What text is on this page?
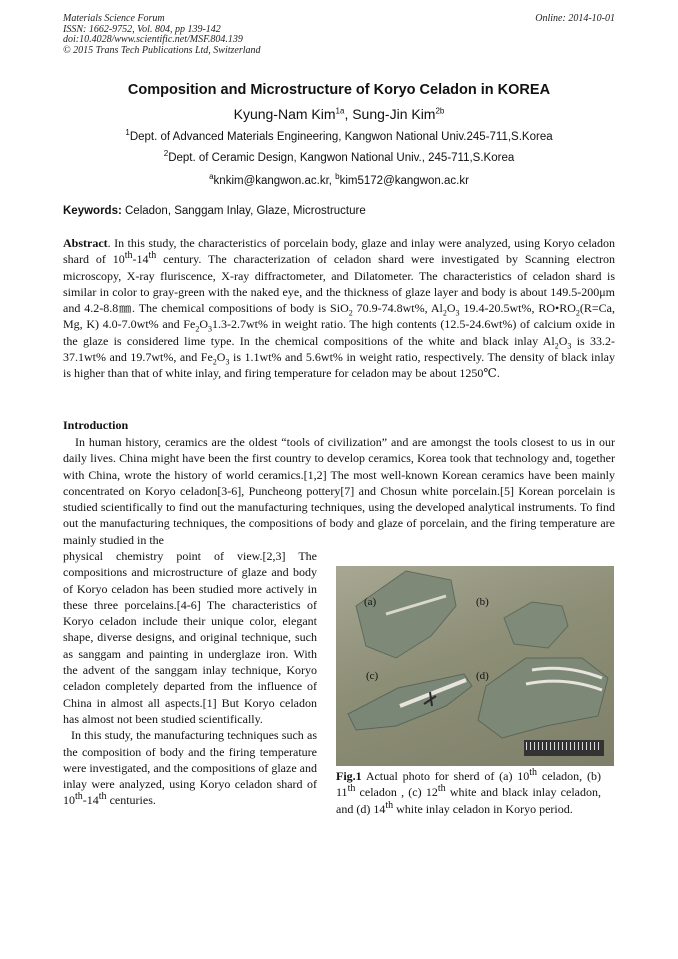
Materials Science Forum
ISSN: 1662-9752, Vol. 804, pp 139-142
doi:10.4028/www.scientific.net/MSF.804.139
© 2015 Trans Tech Publications Ltd, Switzerland
Online: 2014-10-01
Composition and Microstructure of Koryo Celadon in KOREA
Kyung-Nam Kim$^{1a}$, Sung-Jin Kim$^{2b}$
$^1$Dept. of Advanced Materials Engineering, Kangwon National Univ.245-711,S.Korea
$^2$Dept. of Ceramic Design, Kangwon National Univ., 245-711,S.Korea
$^a$knkim@kangwon.ac.kr, $^b$kim5172@kangwon.ac.kr
Keywords: Celadon, Sanggam Inlay, Glaze, Microstructure
Abstract. In this study, the characteristics of porcelain body, glaze and inlay were analyzed, using Koryo celadon shard of 10th-14th century. The characterization of celadon shard were investigated by Scanning electron microscopy, X-ray fluriscence, X-ray diffractometer, and Dilatometer. The characteristics of celadon shard is similar in color to gray-green with the naked eye, and the thickness of glaze layer and body is about 149.5-200μm and 4.2-8.8㎜. The chemical compositions of body is SiO$_2$ 70.9-74.8wt%, $Al_2O_3$ 19.4-20.5wt%, $RO•RO_2(R=Ca$, Mg, K) 4.0-7.0wt% and $Fe_2O_31.3-2.7wt\%$ in weight ratio. The high contents (12.5-24.6wt%) of calcium oxide in the glaze is considered lime type. In the chemical compositions of the white and black inlay $Al_2O_3$ is 33.2-37.1wt% and 19.7wt%, and $Fe_2O_3$ is 1.1wt% and 5.6wt% in weight ratio, respectively. The density of black inlay is higher than that of white inlay, and firing temperature for celadon may be about 1250℃.
Introduction
In human history, ceramics are the oldest “tools of civilization” and are amongst the tools closest to us in our daily lives. China might have been the first country to develop ceramics, Korea took that technology and, together with China, wrote the history of world ceramics.[1,2] The most well-known Korean ceramics have been mainly concentrated on Koryo celadon[3-6], Puncheong pottery[7] and Chosun white porcelain.[5] Korean porcelain is studied scientifically to find out the manufacturing techniques, using the developed analytical instruments. To find out the manufacturing techniques, the compositions of body and glaze of porcelain, and the firing temperature are mainly studied in the

physical chemistry point of view.[2,3] The compositions and microstructure of glaze and body of Koryo celadon has been studied more actively in these three porcelains.[4-6] The characteristics of Koryo celadon include their unique color, elegant shape, diverse designs, and original technique, such as sanggam and painting in underglaze iron. With the advent of the sanggam inlay technique, Koryo celadon completely departed from the influence of China in almost all aspects.[1] But Koryo celadon has almost not been studied scientifically.

In this study, the manufacturing techniques such as the composition of body and the firing temperature were investigated, and the compositions of glaze and inlay were analyzed, using Koryo celadon shard of 10th-14th centuries.

(a)	(b)
(c)	(d)
Fig.1 Actual photo for sherd of (a) 10th celadon, (b) 11th celadon , (c) 12th white and black inlay celadon, and (d) 14th white inlay celadon in Koryo period.
